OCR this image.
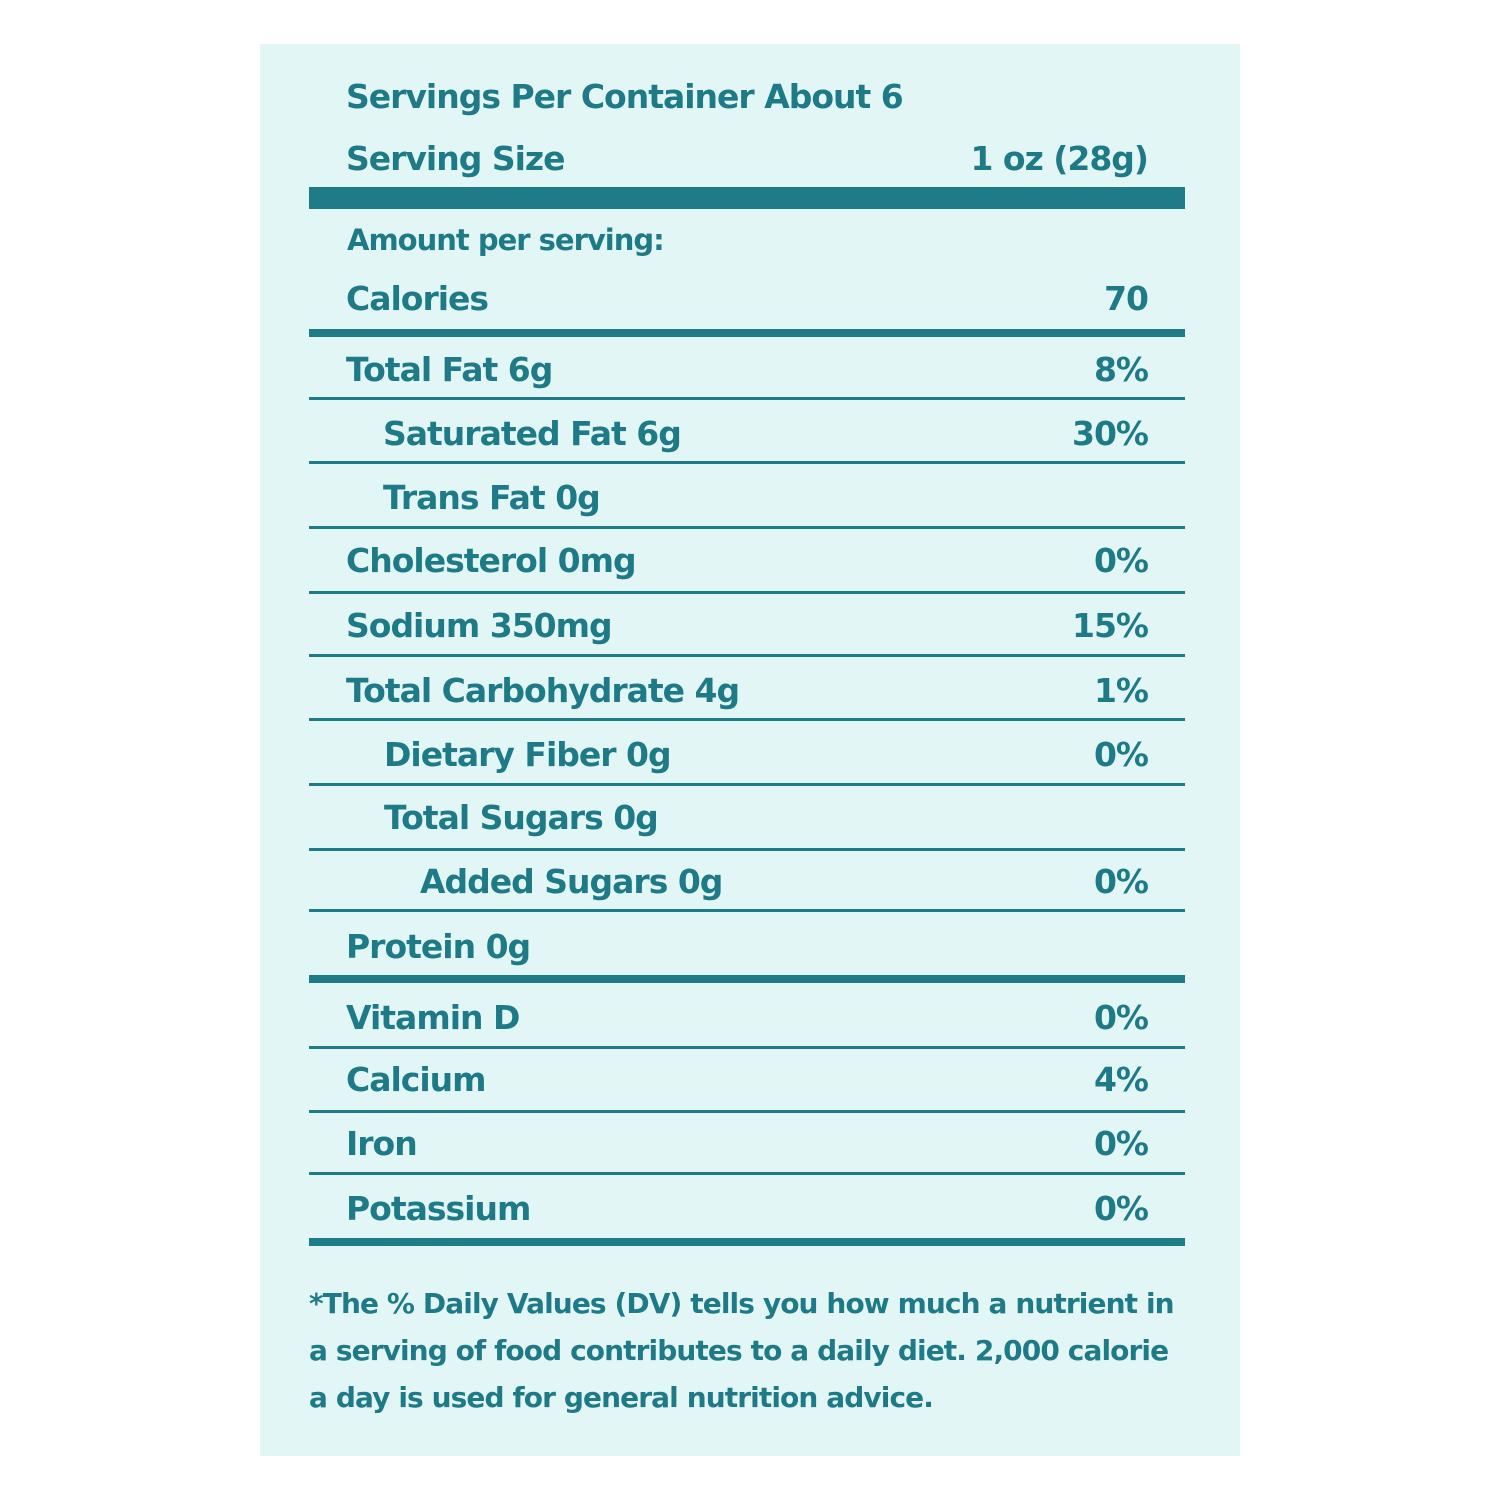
Servings Per Container About 6
Serving Size	1 oz (28g)
Amount per serving:
Calories	70
Total Fat 6g	8%
Saturated Fat 6g	30%
Trans Fat 0g
Cholesterol 0mg	0%
Sodium 350mg	15%
Total Carbohydrate 4g	1%
Dietary Fiber 0g	0%
Total Sugars 0g
Added Sugars 0g	0%
Protein 0g
Vitamin D	0%
Calcium	4%
Iron	0%
Potassium	0%
*The % Daily Values (DV) tells you how much a nutrient in a serving of food contributes to a daily diet. 2,000 calorie a day is used for general nutrition advice.
